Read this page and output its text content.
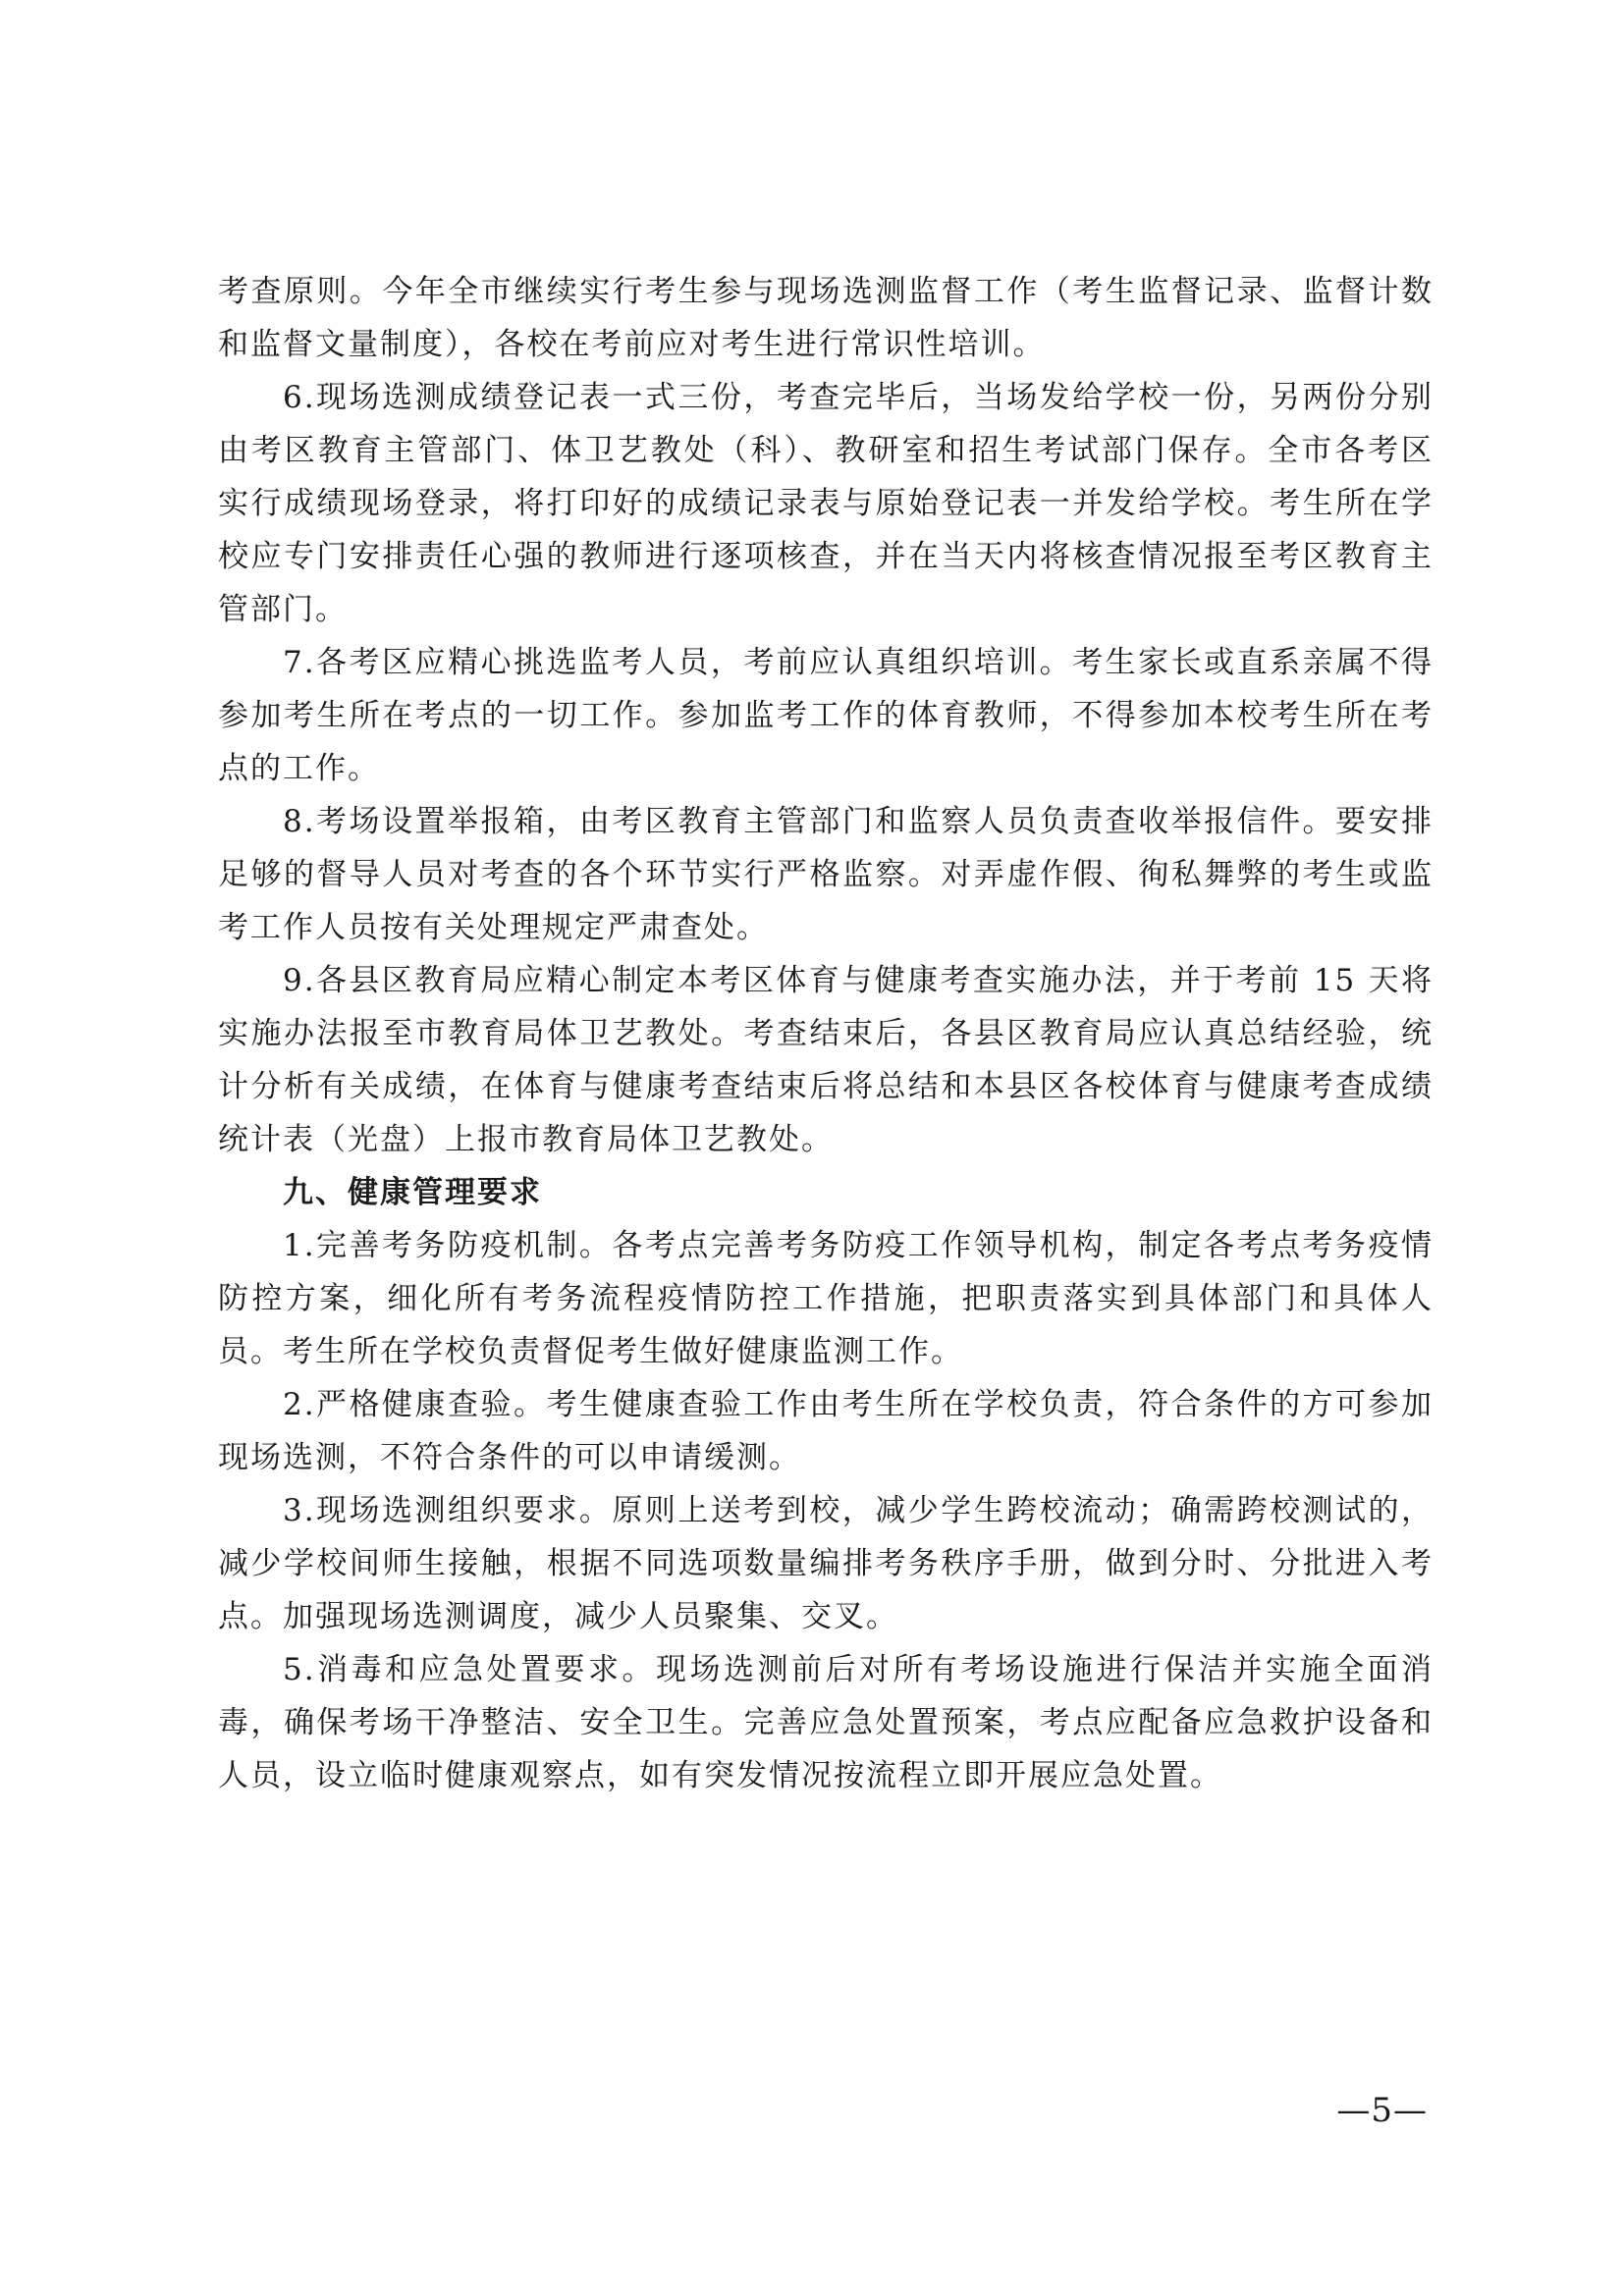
考查原则。今年全市继续实行考生参与现场选测监督工作（考生监督记录、监督计数和监督文量制度），各校在考前应对考生进行常识性培训。

6.现场选测成绩登记表一式三份，考查完毕后，当场发给学校一份，另两份分别由考区教育主管部门、体卫艺教处（科）、教研室和招生考试部门保存。全市各考区实行成绩现场登录，将打印好的成绩记录表与原始登记表一并发给学校。考生所在学校应专门安排责任心强的教师进行逐项核查，并在当天内将核查情况报至考区教育主管部门。

7.各考区应精心挑选监考人员，考前应认真组织培训。考生家长或直系亲属不得参加考生所在考点的一切工作。参加监考工作的体育教师，不得参加本校考生所在考点的工作。

8.考场设置举报箱，由考区教育主管部门和监察人员负责查收举报信件。要安排足够的督导人员对考查的各个环节实行严格监察。对弄虚作假、徇私舞弊的考生或监考工作人员按有关处理规定严肃查处。

9.各县区教育局应精心制定本考区体育与健康考查实施办法，并于考前 15 天将实施办法报至市教育局体卫艺教处。考查结束后，各县区教育局应认真总结经验，统计分析有关成绩，在体育与健康考查结束后将总结和本县区各校体育与健康考查成绩统计表（光盘）上报市教育局体卫艺教处。

九、健康管理要求

1.完善考务防疫机制。各考点完善考务防疫工作领导机构，制定各考点考务疫情防控方案，细化所有考务流程疫情防控工作措施，把职责落实到具体部门和具体人员。考生所在学校负责督促考生做好健康监测工作。

2.严格健康查验。考生健康查验工作由考生所在学校负责，符合条件的方可参加现场选测，不符合条件的可以申请缓测。

3.现场选测组织要求。原则上送考到校，减少学生跨校流动；确需跨校测试的，减少学校间师生接触，根据不同选项数量编排考务秩序手册，做到分时、分批进入考点。加强现场选测调度，减少人员聚集、交叉。

5.消毒和应急处置要求。现场选测前后对所有考场设施进行保洁并实施全面消毒，确保考场干净整洁、安全卫生。完善应急处置预案，考点应配备应急救护设备和人员，设立临时健康观察点，如有突发情况按流程立即开展应急处置。

—5—
